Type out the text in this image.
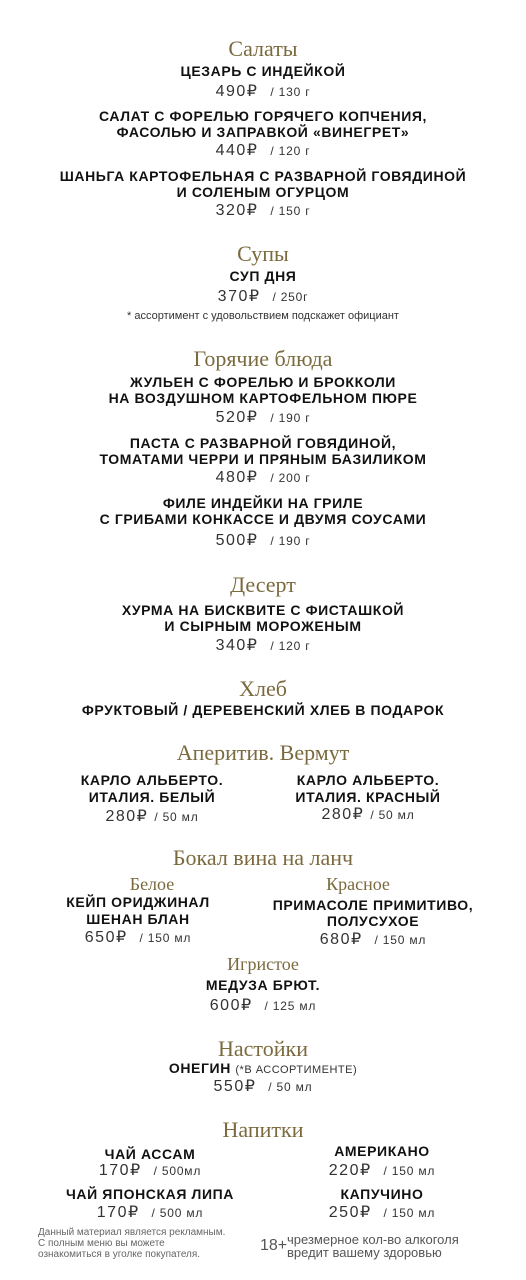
Салаты
ЦЕЗАРЬ С ИНДЕЙКОЙ
490₽ / 130 г
САЛАТ С ФОРЕЛЬЮ ГОРЯЧЕГО КОПЧЕНИЯ,
ФАСОЛЬЮ И ЗАПРАВКОЙ «ВИНЕГРЕТ»
440₽ / 120 г
ШАНЬГА КАРТОФЕЛЬНАЯ С РАЗВАРНОЙ ГОВЯДИНОЙ
И СОЛЕНЫМ ОГУРЦОМ
320₽ / 150 г
Супы
СУП ДНЯ
370₽ / 250г
* ассортимент с удовольствием подскажет официант
Горячие блюда
ЖУЛЬЕН С ФОРЕЛЬЮ И БРОККОЛИ
НА ВОЗДУШНОМ КАРТОФЕЛЬНОМ ПЮРЕ
520₽ / 190 г
ПАСТА С РАЗВАРНОЙ ГОВЯДИНОЙ,
ТОМАТАМИ ЧЕРРИ И ПРЯНЫМ БАЗИЛИКОМ
480₽ / 200 г
ФИЛЕ ИНДЕЙКИ НА ГРИЛЕ
С ГРИБАМИ КОНКАССЕ И ДВУМЯ СОУСАМИ
500₽ / 190 г
Десерт
ХУРМА НА БИСКВИТЕ С ФИСТАШКОЙ
И СЫРНЫМ МОРОЖЕНЫМ
340₽ / 120 г
Хлеб
ФРУКТОВЫЙ / ДЕРЕВЕНСКИЙ ХЛЕБ В ПОДАРОК
Аперитив. Вермут
КАРЛО АЛЬБЕРТО.
ИТАЛИЯ. БЕЛЫЙ
280₽ / 50 мл
КАРЛО АЛЬБЕРТО.
ИТАЛИЯ. КРАСНЫЙ
280₽ / 50 мл
Бокал вина на ланч
Белое	Красное
КЕЙП ОРИДЖИНАЛ
ШЕНАН БЛАН
650₽ / 150 мл
ПРИМАСОЛЕ ПРИМИТИВО,
ПОЛУСУХОЕ
680₽ / 150 мл
Игристое
МЕДУЗА БРЮТ.
600₽ / 125 мл
Настойки
ОНЕГИН (*В АССОРТИМЕНТЕ)
550₽ / 50 мл
Напитки
ЧАЙ АССАМ
170₽ / 500мл
АМЕРИКАНО
220₽ / 150 мл
ЧАЙ ЯПОНСКАЯ ЛИПА
170₽ / 500 мл
КАПУЧИНО
250₽ / 150 мл
Данный материал является рекламным.
С полным меню вы можете
ознакомиться в уголке покупателя.
18+ чрезмерное кол-во алкоголя
вредит вашему здоровью
